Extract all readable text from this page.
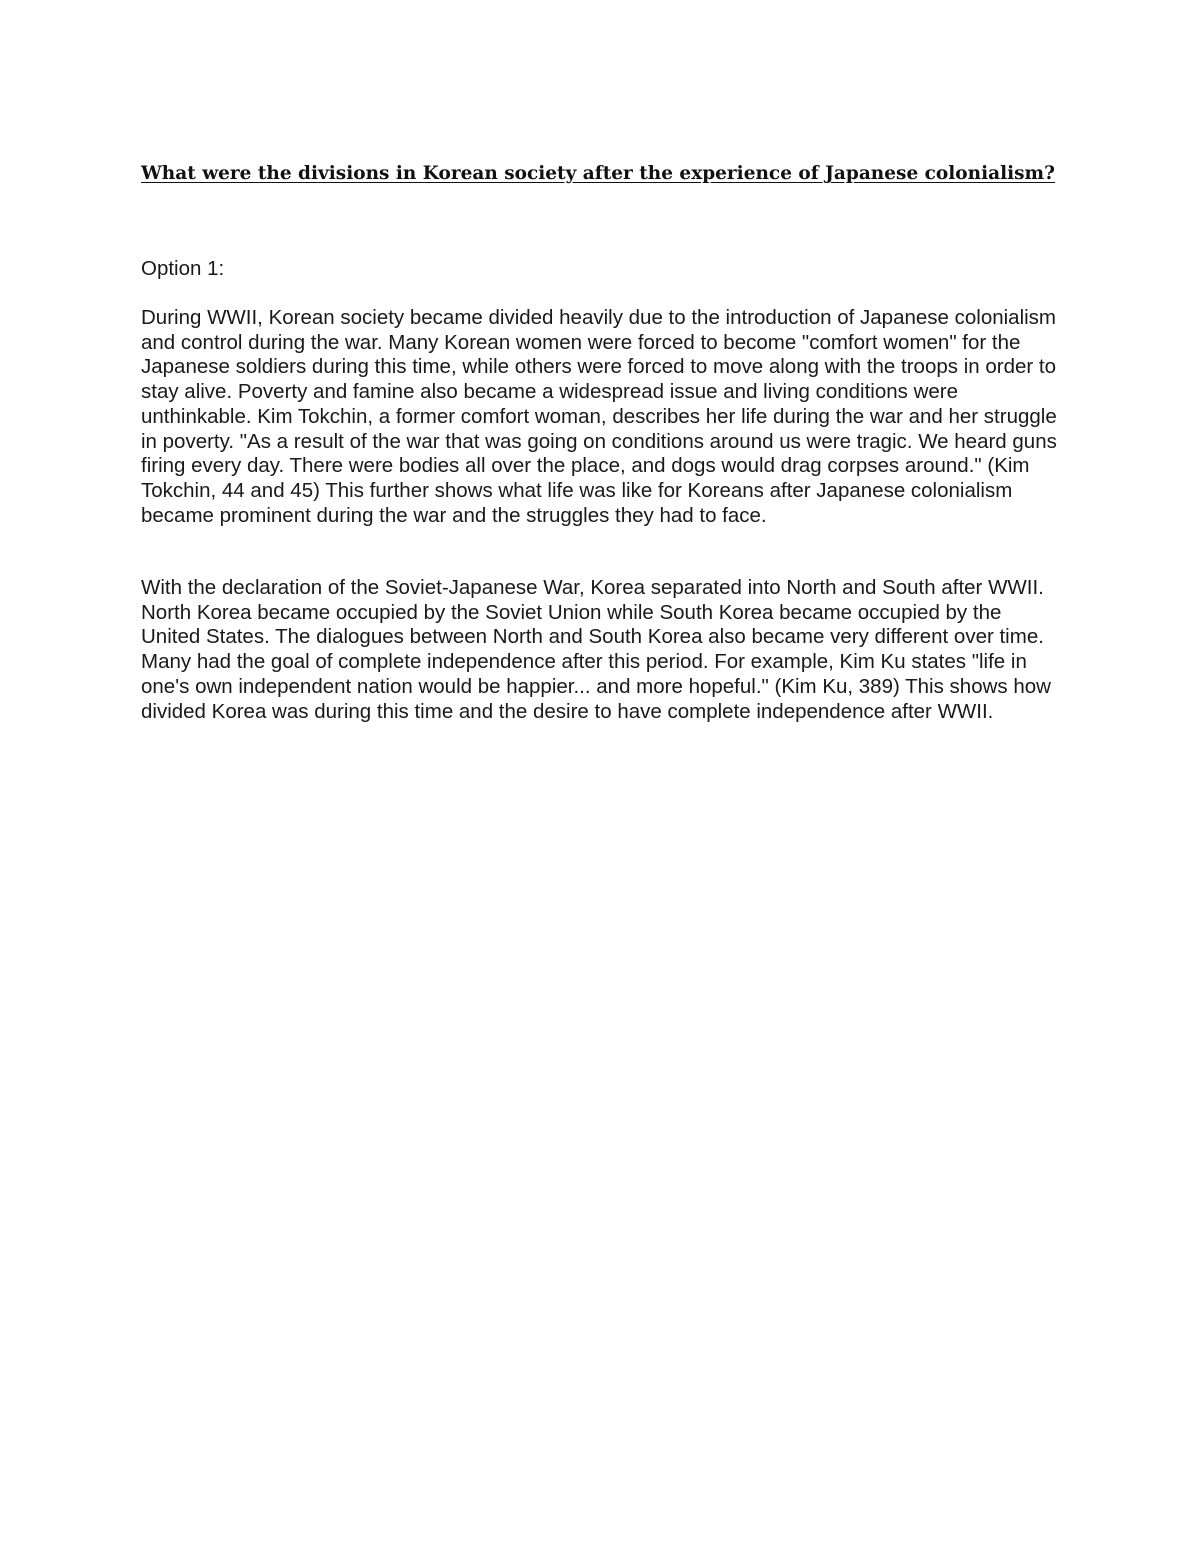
What were the divisions in Korean society after the experience of Japanese colonialism?

Option 1:

During WWII, Korean society became divided heavily due to the introduction of Japanese colonialism and control during the war. Many Korean women were forced to become "comfort women" for the Japanese soldiers during this time, while others were forced to move along with the troops in order to stay alive. Poverty and famine also became a widespread issue and living conditions were unthinkable. Kim Tokchin, a former comfort woman, describes her life during the war and her struggle in poverty. "As a result of the war that was going on conditions around us were tragic. We heard guns firing every day. There were bodies all over the place, and dogs would drag corpses around." (Kim Tokchin, 44 and 45) This further shows what life was like for Koreans after Japanese colonialism became prominent during the war and the struggles they had to face.

With the declaration of the Soviet-Japanese War, Korea separated into North and South after WWII. North Korea became occupied by the Soviet Union while South Korea became occupied by the United States. The dialogues between North and South Korea also became very different over time. Many had the goal of complete independence after this period. For example, Kim Ku states "life in one's own independent nation would be happier... and more hopeful." (Kim Ku, 389) This shows how divided Korea was during this time and the desire to have complete independence after WWII.
